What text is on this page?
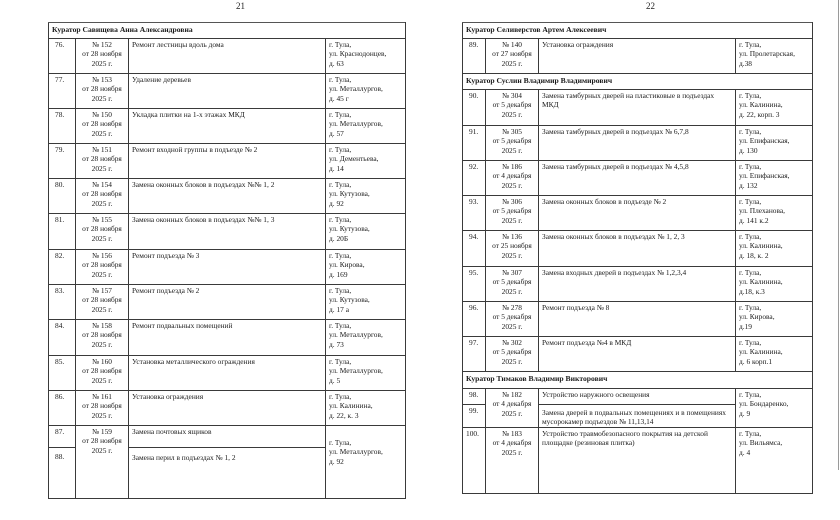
21	22
Куратор Савищева Анна Александровна			

76.	№ 152
от 28 ноября
2025 г.	Ремонт лестницы вдоль дома	г. Тула,
ул. Краснодонцев,
д. 63

77.	№ 153
от 28 ноября
2025 г.	Удаление деревьев	г. Тула,
ул. Металлургов,
д. 45 г

78.	№ 150
от 28 ноября
2025 г.	Укладка плитки на 1-х этажах МКД	г. Тула,
ул. Металлургов,
д. 57

79.	№ 151
от 28 ноября
2025 г.	Ремонт входной группы в подъезде № 2	г. Тула,
ул. Дементьева,
д. 14

80.	№ 154
от 28 ноября
2025 г.	Замена оконных блоков в подъездах №№ 1, 2	г. Тула,
ул. Кутузова,
д. 92

81.	№ 155
от 28 ноября
2025 г.	Замена оконных блоков в подъездах №№ 1, 3	г. Тула,
ул. Кутузова,
д. 20Б

82.	№ 156
от 28 ноября
2025 г.	Ремонт подъезда № 3	г. Тула,
ул. Кирова,
д. 169

83.	№ 157
от 28 ноября
2025 г.	Ремонт подъезда № 2	г. Тула,
ул. Кутузова,
д. 17 а

84.	№ 158
от 28 ноября
2025 г.	Ремонт подвальных помещений	г. Тула,
ул. Металлургов,
д. 73

85.	№ 160
от 28 ноября
2025 г.	Установка металлического ограждения	г. Тула,
ул. Металлургов,
д. 5

86.	№ 161
от 28 ноября
2025 г.	Установка ограждения	г. Тула,
ул. Калинина,
д. 22, к. 3

87.	№ 159
от 28 ноября
2025 г.	Замена почтовых ящиков	г. Тула,
ул. Металлургов,
д. 92

88.		Замена перил в подъездах № 1, 2	
Куратор Селиверстов Артем Алексеевич			

89.	№ 140
от 27 ноября
2025 г.	Установка ограждения	г. Тула,
ул. Пролетарская,
д.38

Куратор Суслин Владимир Владимирович			

90.	№ 304
от 5 декабря
2025 г.	Замена тамбурных дверей на пластиковые в подъездах МКД	г. Тула,
ул. Калинина,
д. 22, корп. 3

91.	№ 305
от 5 декабря
2025 г.	Замена тамбурных дверей в подъездах № 6,7,8	г. Тула,
ул. Епифанская,
д. 130

92.	№ 186
от 4 декабря
2025 г.	Замена тамбурных дверей в подъездах № 4,5,8	г. Тула,
ул. Епифанская,
д. 132

93.	№ 306
от 5 декабря
2025 г.	Замена оконных блоков в подъезде № 2	г. Тула,
ул. Плеханова,
д. 141 к.2

94.	№ 136
от 25 ноября
2025 г.	Замена оконных блоков в подъездах № 1, 2, 3	г. Тула,
ул. Калинина,
д. 18, к. 2

95.	№ 307
от 5 декабря
2025 г.	Замена входных дверей в подъездах № 1,2,3,4	г. Тула,
ул. Калинина,
д.18, к.3

96.	№ 278
от 5 декабря
2025 г.	Ремонт подъезда № 8	г. Тула,
ул. Кирова,
д.19

97.	№ 302
от 5 декабря
2025 г.	Ремонт подъезда №4 в МКД	г. Тула,
ул. Калинина,
д. 6 корп.1

Куратор Тимаков Владимир Викторович			

98.	№ 182
от 4 декабря
2025 г.	Устройство наружного освещения	г. Тула,
ул. Бондаренко,
д. 9

99.		Замена дверей в подвальных помещениях и в помещениях мусорокамер подъездов № 11,13,14	

100.	№ 183
от 4 декабря
2025 г.	Устройство травмобезопасного покрытия на детской площадке (резиновая плитка)	г. Тула,
ул. Вильямса,
д. 4
